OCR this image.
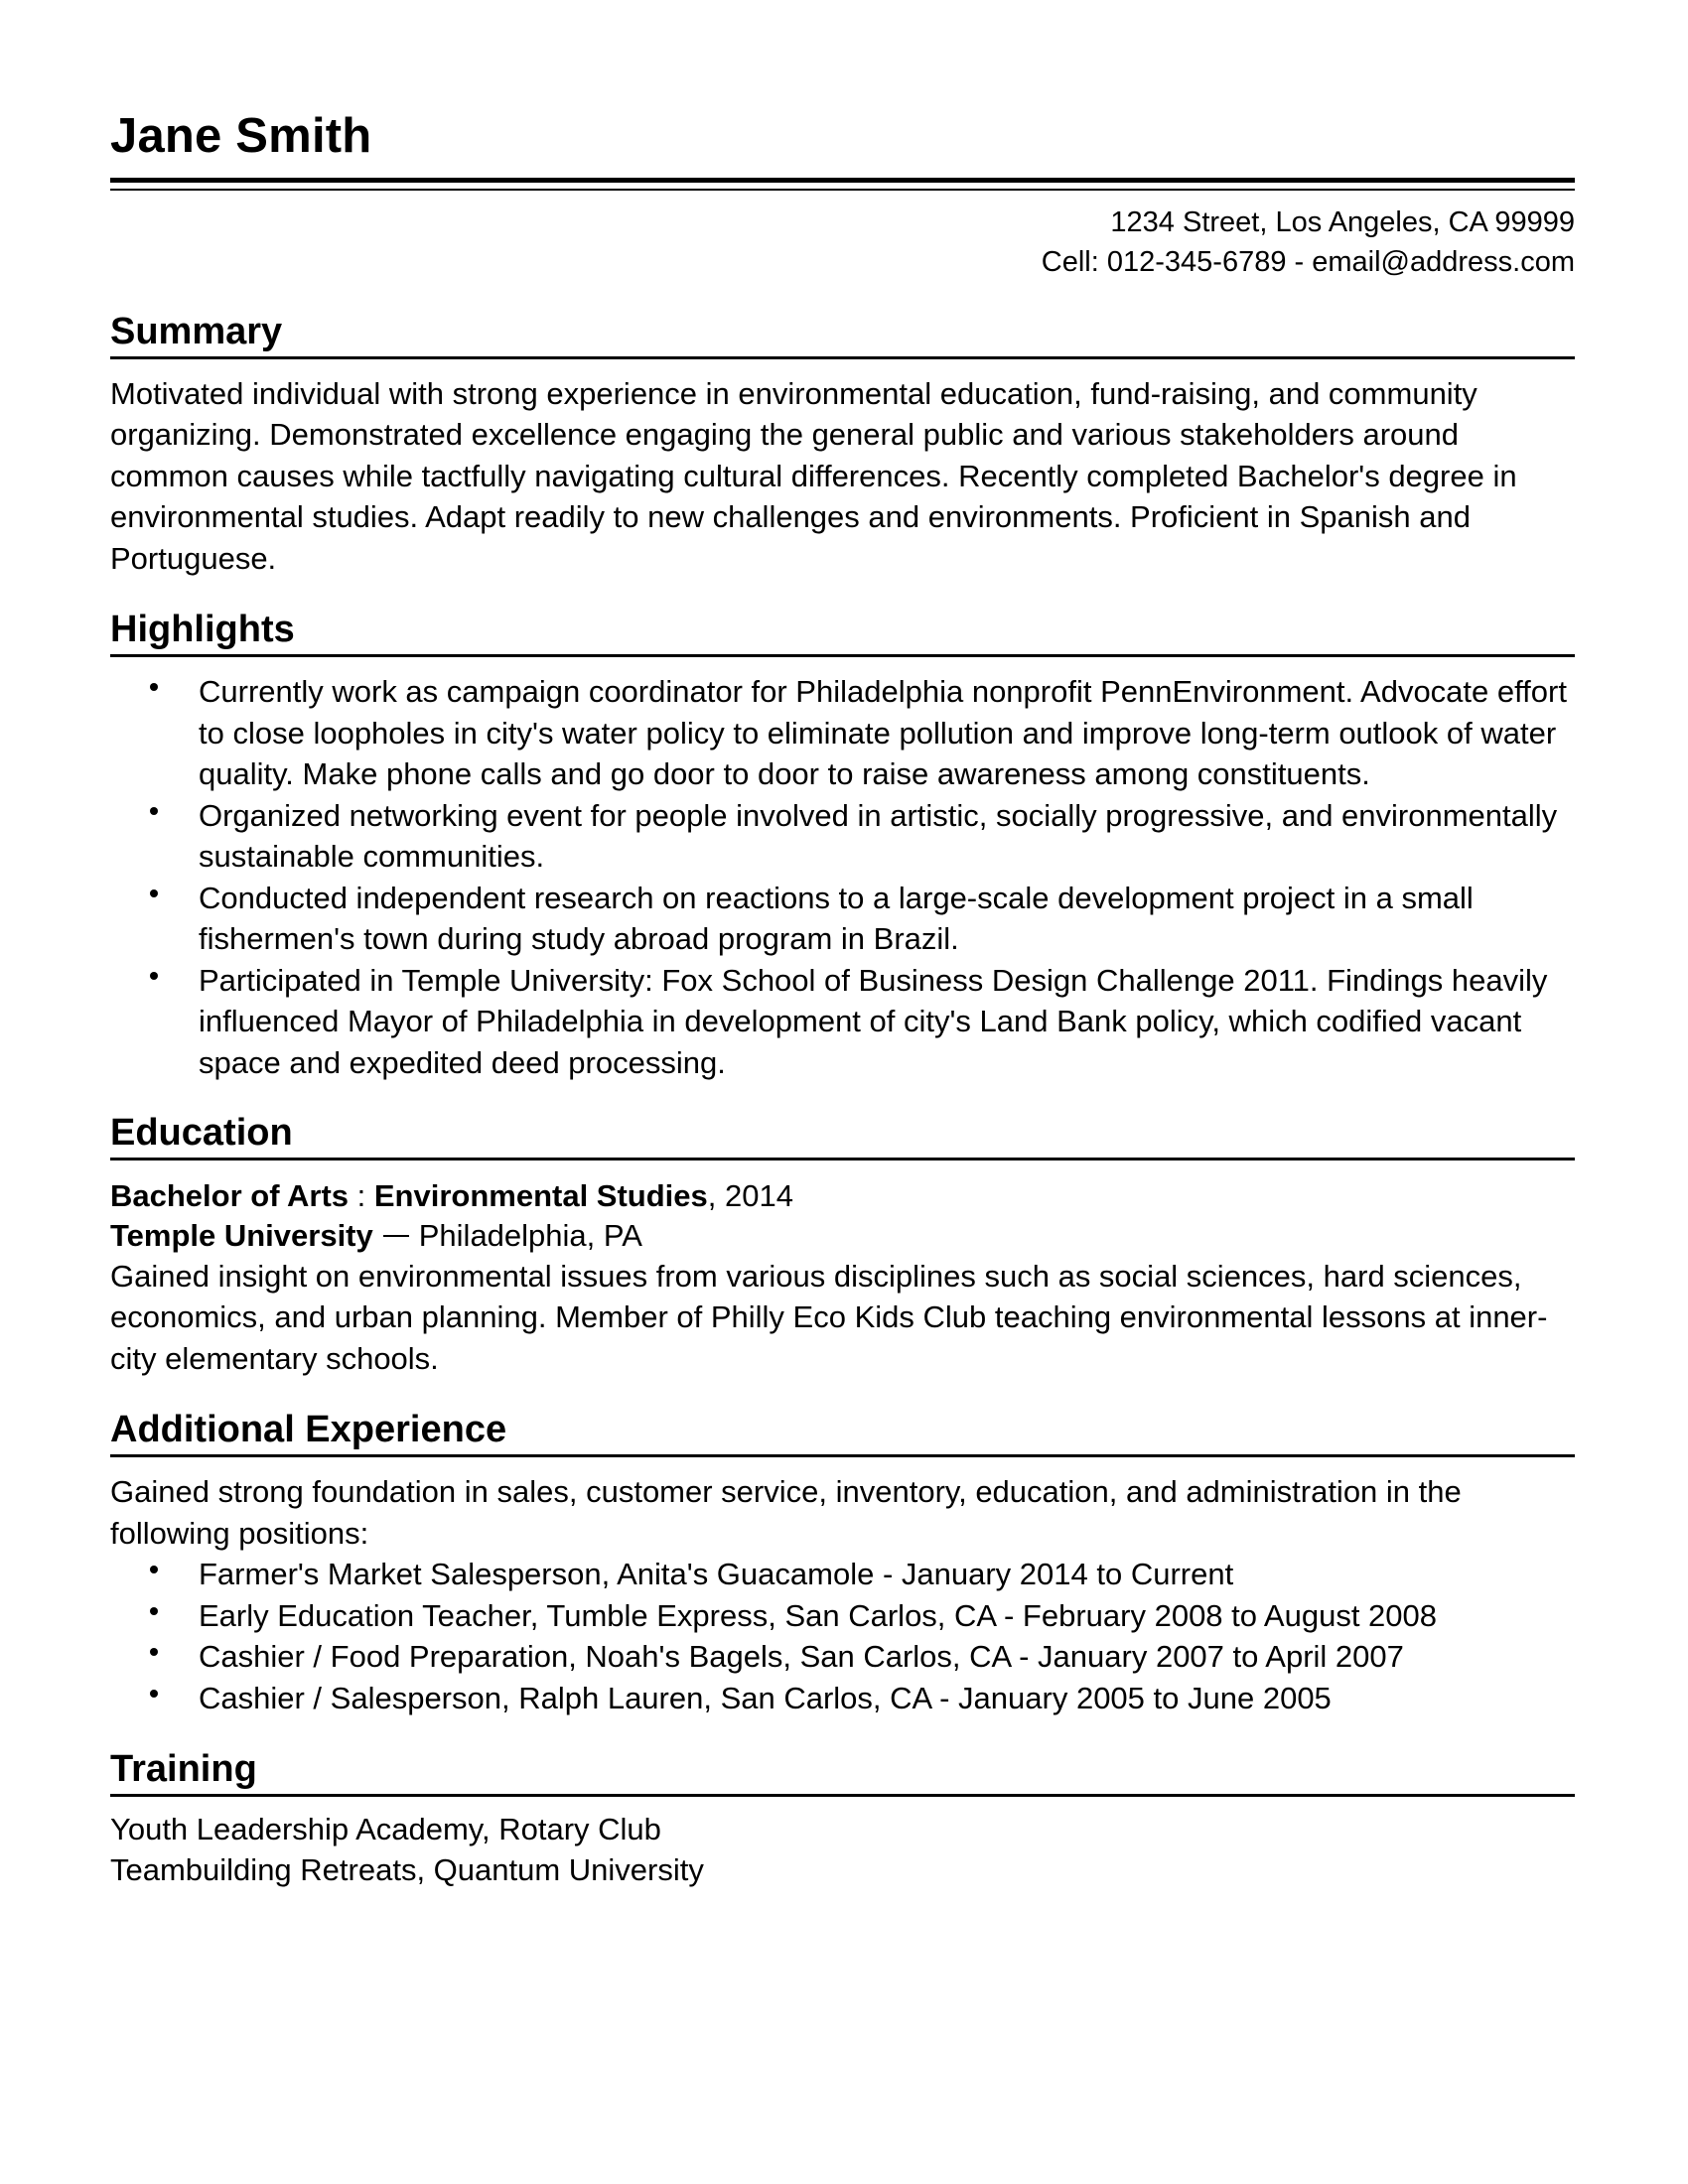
Jane Smith
1234 Street, Los Angeles, CA 99999
Cell: 012-345-6789 - email@address.com
Summary
Motivated individual with strong experience in environmental education, fund-raising, and community organizing. Demonstrated excellence engaging the general public and various stakeholders around common causes while tactfully navigating cultural differences. Recently completed Bachelor's degree in environmental studies. Adapt readily to new challenges and environments. Proficient in Spanish and Portuguese.
Highlights
Currently work as campaign coordinator for Philadelphia nonprofit PennEnvironment. Advocate effort to close loopholes in city's water policy to eliminate pollution and improve long-term outlook of water quality. Make phone calls and go door to door to raise awareness among constituents.
Organized networking event for people involved in artistic, socially progressive, and environmentally sustainable communities.
Conducted independent research on reactions to a large-scale development project in a small fishermen's town during study abroad program in Brazil.
Participated in Temple University: Fox School of Business Design Challenge 2011. Findings heavily influenced Mayor of Philadelphia in development of city's Land Bank policy, which codified vacant space and expedited deed processing.
Education
Bachelor of Arts : Environmental Studies, 2014
Temple University Philadelphia, PA
Gained insight on environmental issues from various disciplines such as social sciences, hard sciences, economics, and urban planning. Member of Philly Eco Kids Club teaching environmental lessons at inner-city elementary schools.
Additional Experience
Gained strong foundation in sales, customer service, inventory, education, and administration in the following positions:
Farmer's Market Salesperson, Anita's Guacamole - January 2014 to Current
Early Education Teacher, Tumble Express, San Carlos, CA - February 2008 to August 2008
Cashier / Food Preparation, Noah's Bagels, San Carlos, CA - January 2007 to April 2007
Cashier / Salesperson, Ralph Lauren, San Carlos, CA - January 2005 to June 2005
Training
Youth Leadership Academy, Rotary Club
Teambuilding Retreats, Quantum University
